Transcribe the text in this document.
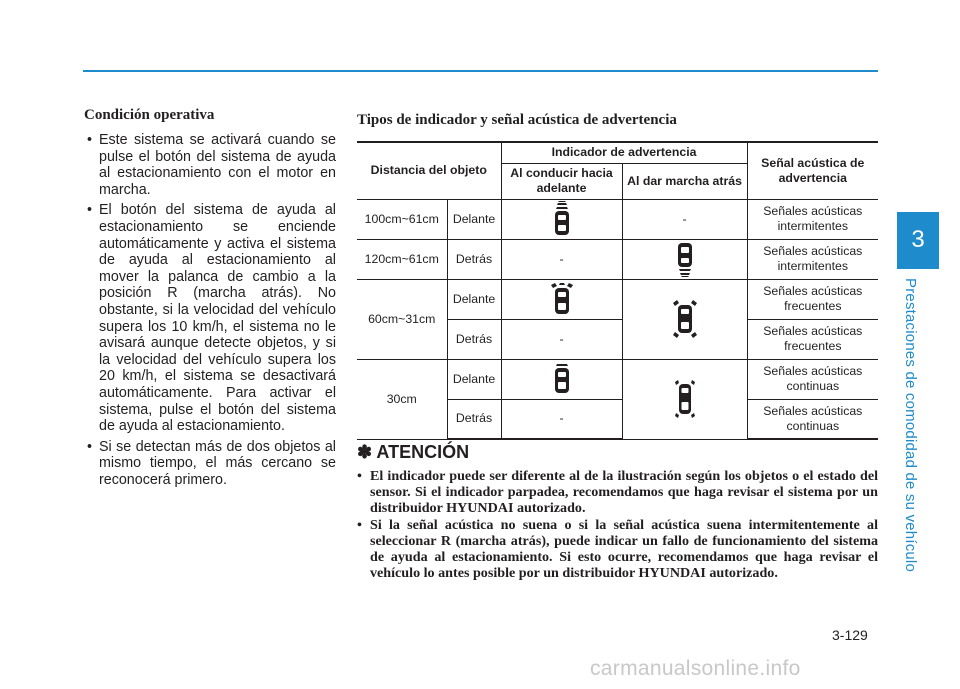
3
Prestaciones de comodidad de su vehículo

Condición operativa

• Este sistema se activará cuando se pulse el botón del sistema de ayuda al estacionamiento con el motor en marcha.
• El botón del sistema de ayuda al estacionamiento se enciende automáticamente y activa el sistema de ayuda al estacionamiento al mover la palanca de cambio a la posición R (marcha atrás). No obstante, si la velocidad del vehículo supera los 10 km/h, el sistema no le avisará aunque detecte objetos, y si la velocidad del vehículo supera los 20 km/h, el sistema se desactivará automáticamente. Para activar el sistema, pulse el botón del sistema de ayuda al estacionamiento.
• Si se detectan más de dos objetos al mismo tiempo, el más cercano se reconocerá primero.

Tipos de indicador y señal acústica de advertencia

Distancia del objeto		Indicador de advertencia		Señal acústica de advertencia
		Al conducir hacia adelante	Al dar marcha atrás	
100cm~61cm	Delante		-	Señales acústicas intermitentes
120cm~61cm	Detrás	-		Señales acústicas intermitentes
60cm~31cm	Delante			Señales acústicas frecuentes
	Detrás	-		Señales acústicas frecuentes
30cm	Delante			Señales acústicas continuas
	Detrás	-		Señales acústicas continuas
✽ ATENCIÓN
• El indicador puede ser diferente al de la ilustración según los objetos o el estado del sensor. Si el indicador parpadea, recomendamos que haga revisar el sistema por un distribuidor HYUNDAI autorizado.
• Si la señal acústica no suena o si la señal acústica suena intermitentemente al seleccionar R (marcha atrás), puede indicar un fallo de funcionamiento del sistema de ayuda al estacionamiento. Si esto ocurre, recomendamos que haga revisar el vehículo lo antes posible por un distribuidor HYUNDAI autorizado.
3-129
carmanualsonline.info
